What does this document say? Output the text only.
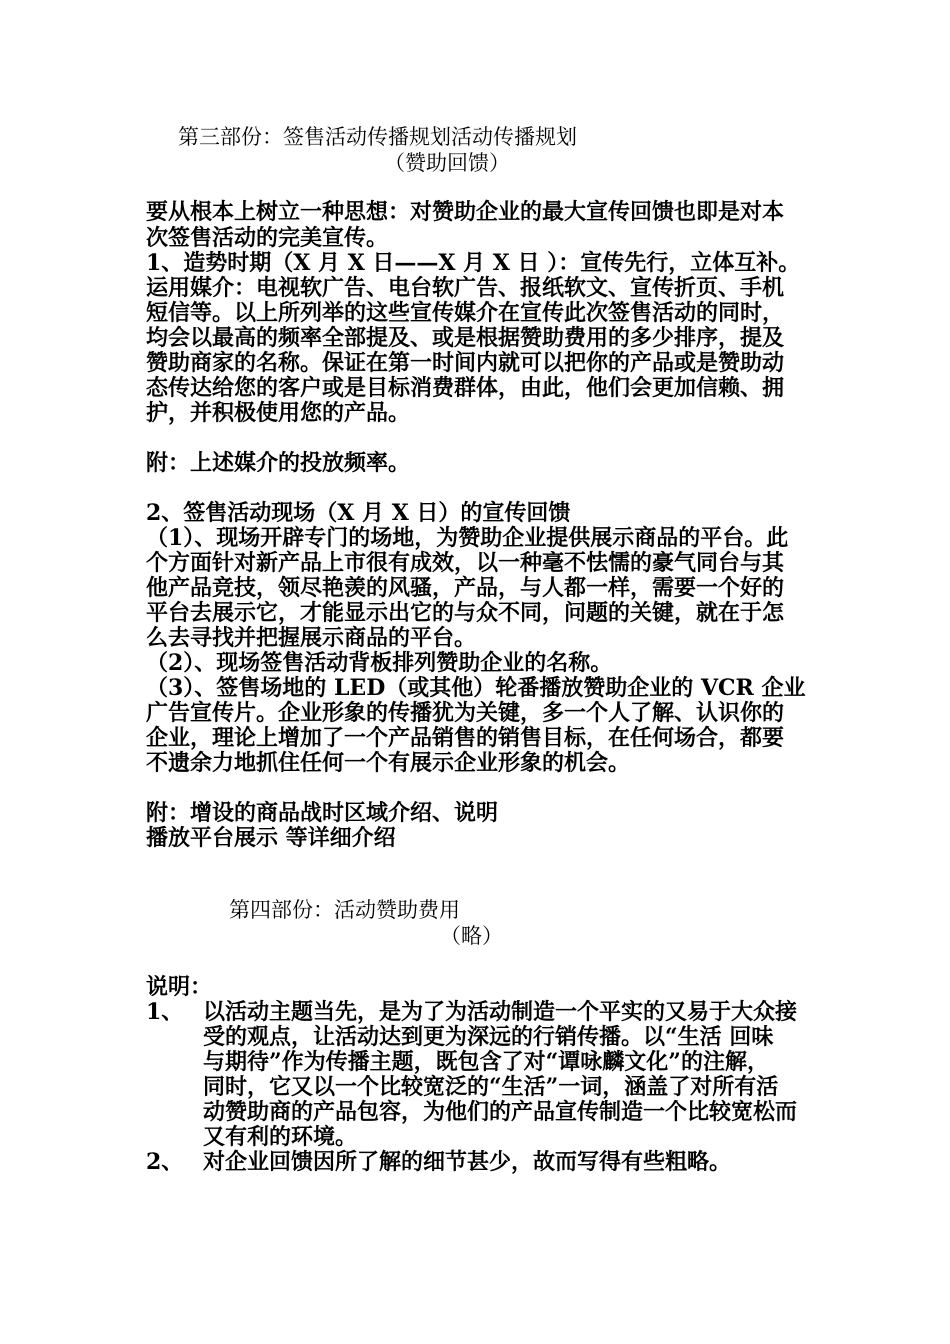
第三部份：签售活动传播规划活动传播规划

（赞助回馈）

要从根本上树立一种思想：对赞助企业的最大宣传回馈也即是对本

次签售活动的完美宣传。

1、造势时期（X 月 X 日——X 月 X 日 ）：宣传先行，立体互补。

运用媒介：电视软广告、电台软广告、报纸软文、宣传折页、手机

短信等。以上所列举的这些宣传媒介在宣传此次签售活动的同时，

均会以最高的频率全部提及、或是根据赞助费用的多少排序，提及

赞助商家的名称。保证在第一时间内就可以把你的产品或是赞助动

态传达给您的客户或是目标消费群体，由此，他们会更加信赖、拥

护，并积极使用您的产品。

附：上述媒介的投放频率。

2、签售活动现场（X 月 X 日）的宣传回馈

（1）、现场开辟专门的场地，为赞助企业提供展示商品的平台。此

个方面针对新产品上市很有成效，以一种毫不怯懦的豪气同台与其

他产品竞技，领尽艳羡的风骚，产品，与人都一样，需要一个好的

平台去展示它，才能显示出它的与众不同，问题的关键，就在于怎

么去寻找并把握展示商品的平台。

（2）、现场签售活动背板排列赞助企业的名称。

（3）、签售场地的 LED（或其他）轮番播放赞助企业的 VCR 企业

广告宣传片。企业形象的传播犹为关键，多一个人了解、认识你的

企业，理论上增加了一个产品销售的销售目标，在任何场合，都要

不遗余力地抓住任何一个有展示企业形象的机会。

附：增设的商品战时区域介绍、说明

播放平台展示 等详细介绍

第四部份：活动赞助费用

（略）

说明：

1、 以活动主题当先，是为了为活动制造一个平实的又易于大众接

受的观点，让活动达到更为深远的行销传播。以“生活 回味

与期待”作为传播主题，既包含了对“谭咏麟文化”的注解，

同时，它又以一个比较宽泛的“生活”一词，涵盖了对所有活

动赞助商的产品包容，为他们的产品宣传制造一个比较宽松而

又有利的环境。

2、 对企业回馈因所了解的细节甚少，故而写得有些粗略。
